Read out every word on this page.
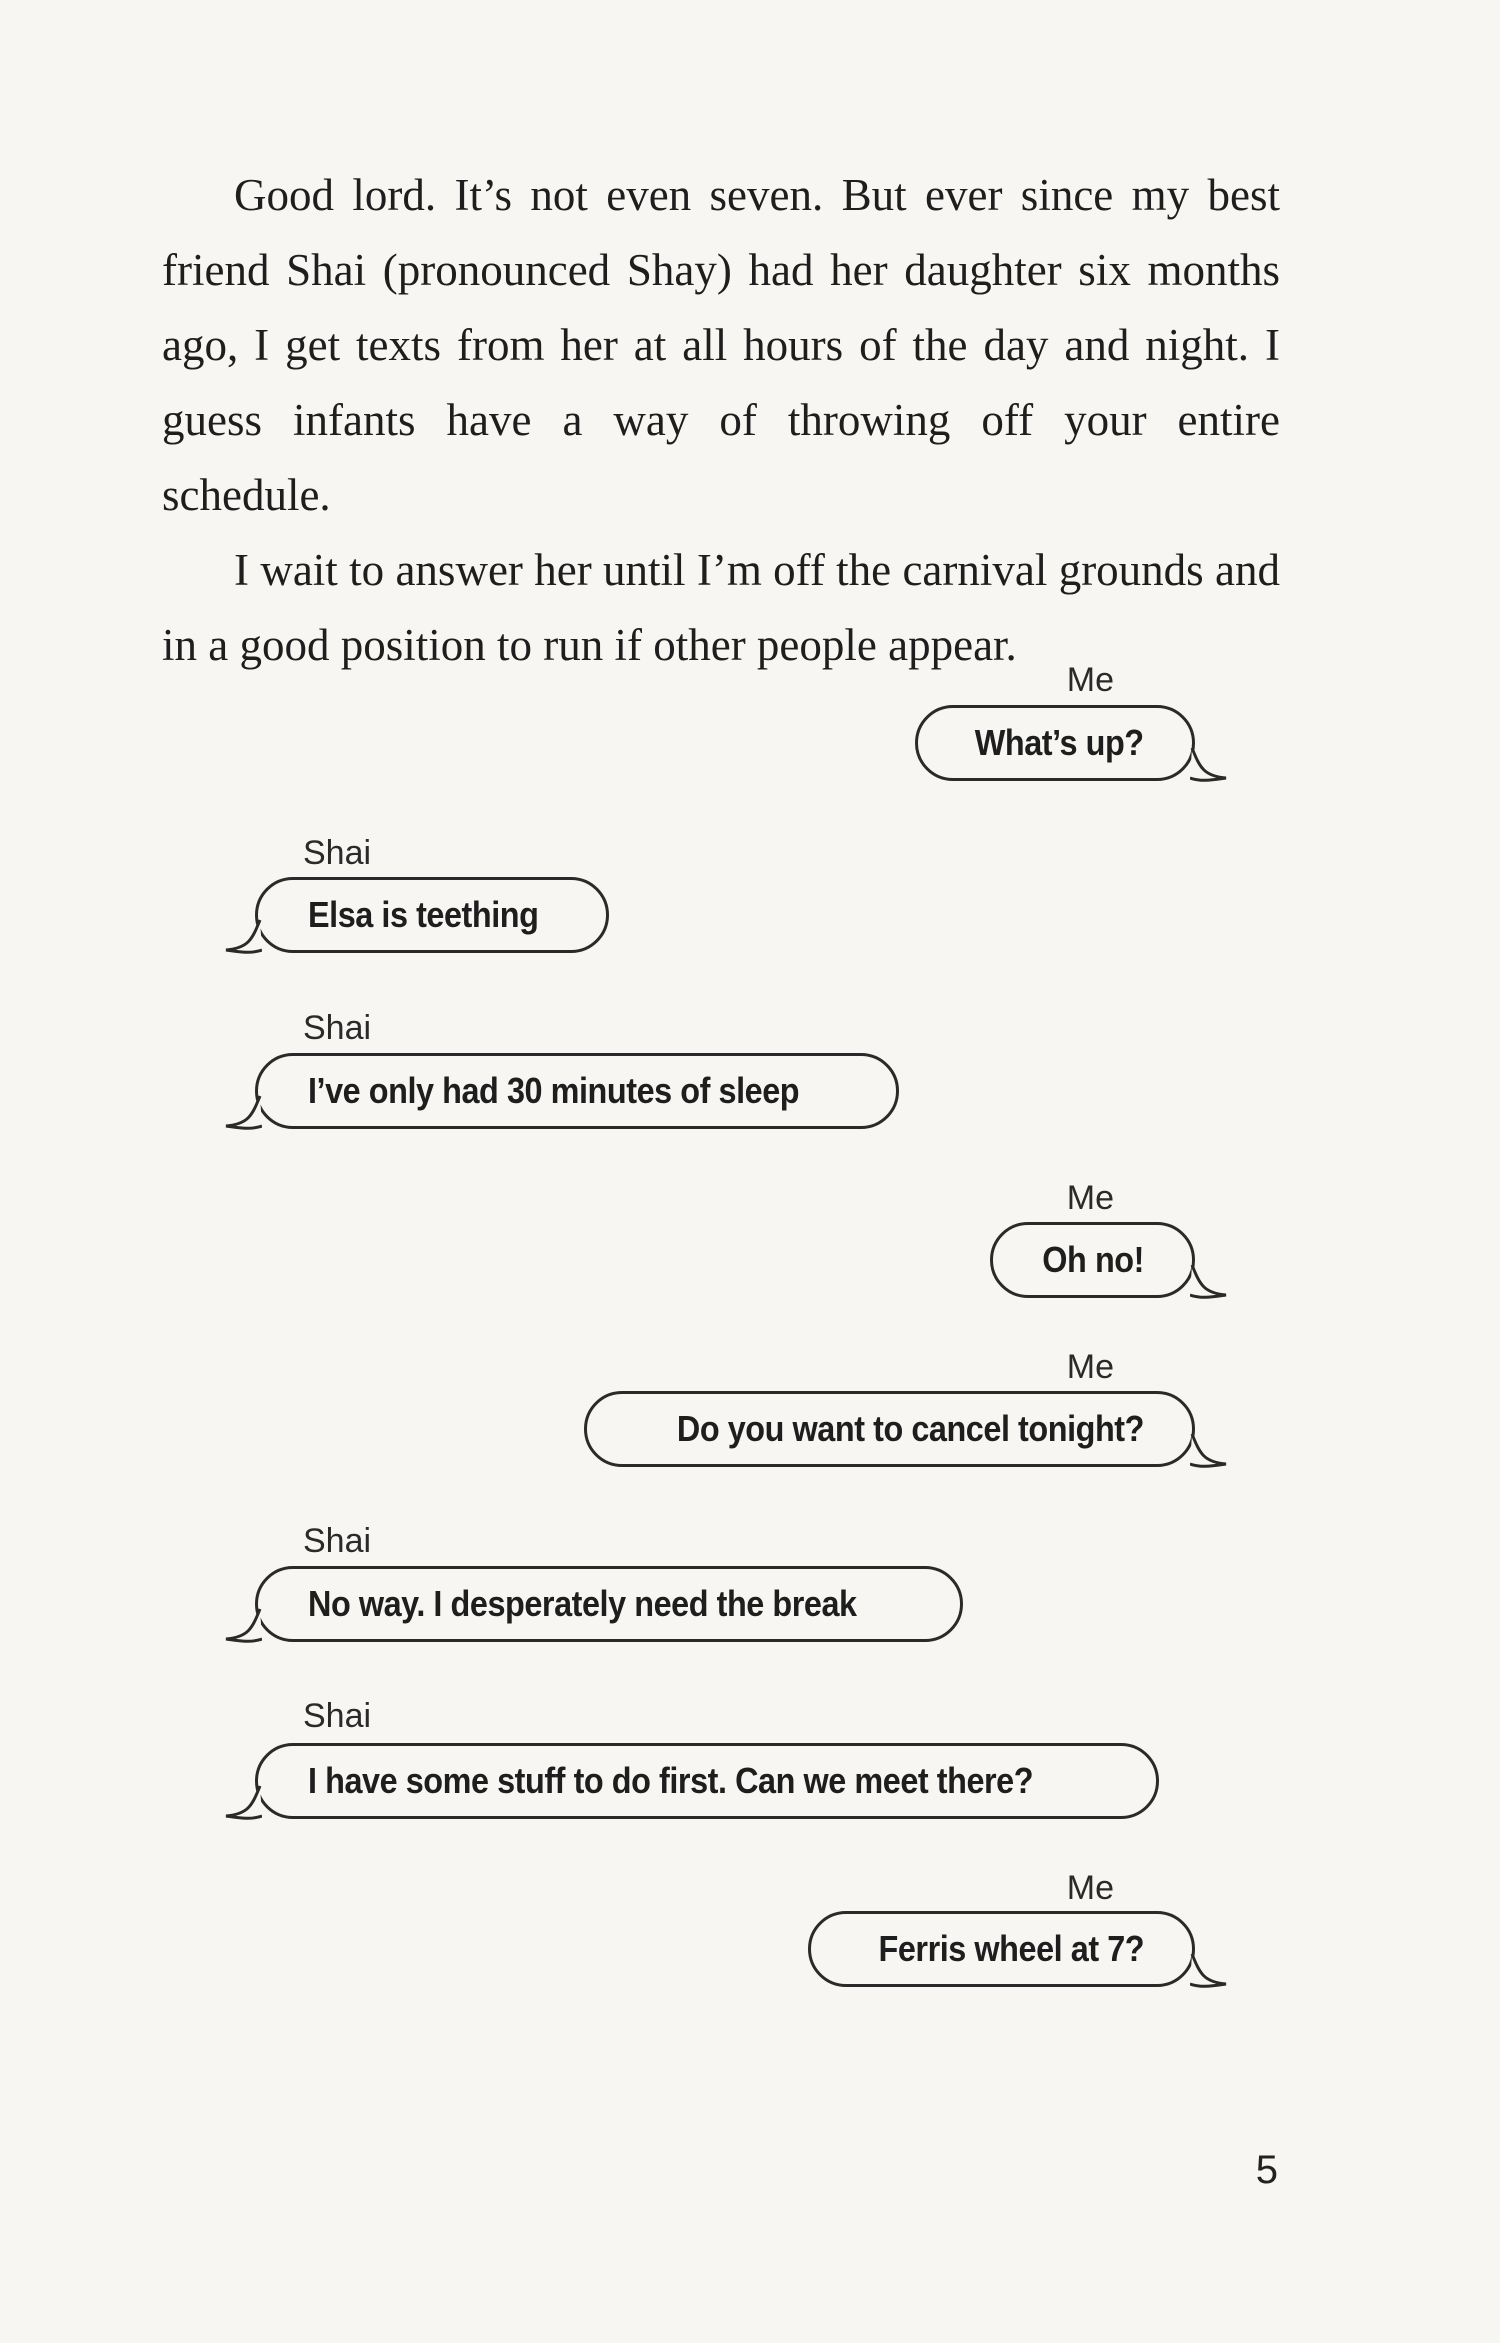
Good lord. It’s not even seven. But ever since my best friend Shai (pronounced Shay) had her daughter six months ago, I get texts from her at all hours of the day and night. I guess infants have a way of throwing off your entire schedule.

I wait to answer her until I’m off the carnival grounds and in a good position to run if other people appear.

Me
What’s up?
Shai
Elsa is teething
Shai
I’ve only had 30 minutes of sleep
Me
Oh no!
Me
Do you want to cancel tonight?
Shai
No way. I desperately need the break
Shai
I have some stuff to do first. Can we meet there?
Me
Ferris wheel at 7?
5
